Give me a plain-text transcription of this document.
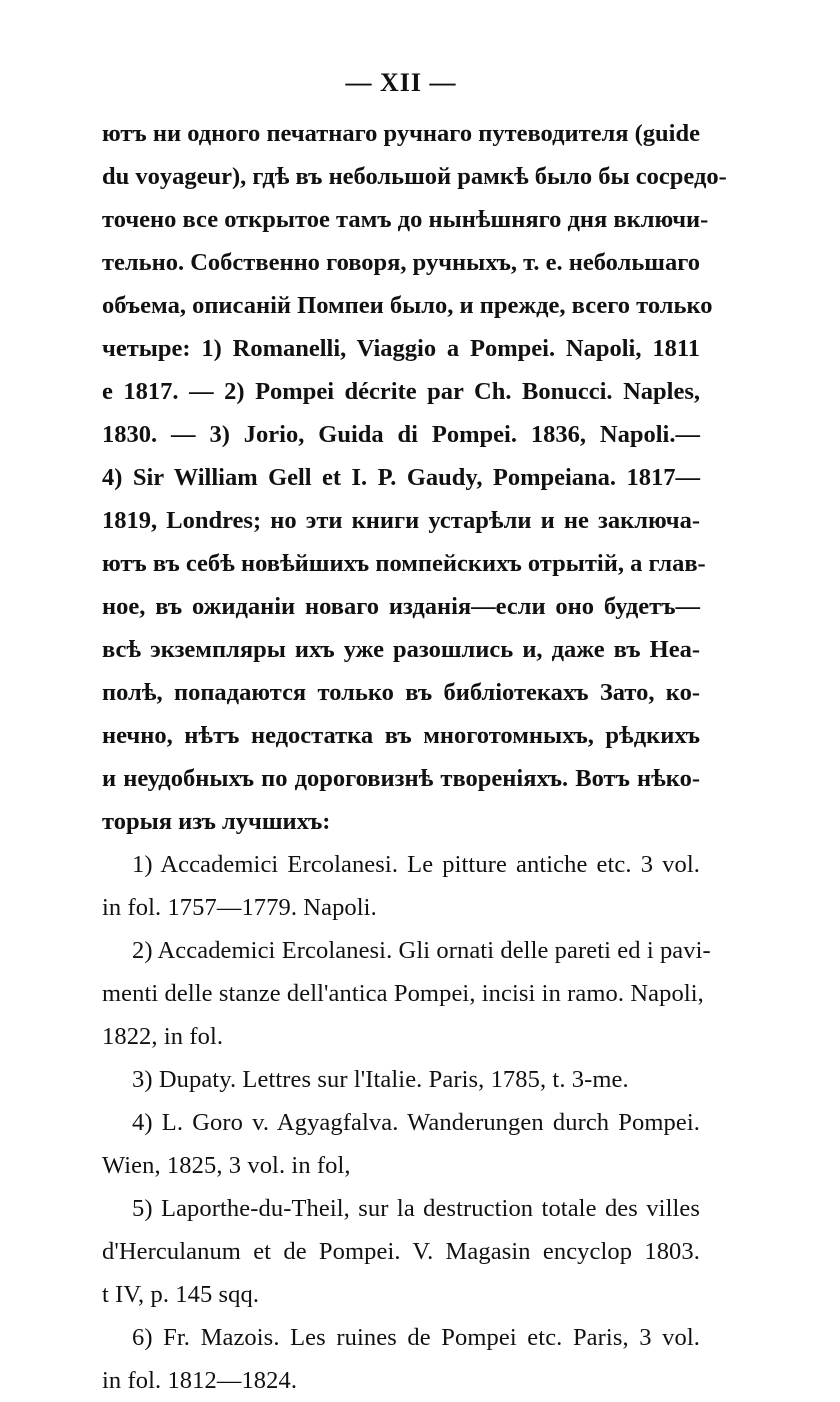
— XII —
ютъ ни одного печатнаго ручнаго путеводителя (guide
du voyageur), гдѣ въ небольшой рамкѣ было бы сосредо-
точено все открытое тамъ до нынѣшняго дня включи-
тельно. Собственно говоря, ручныхъ, т. е. небольшаго
объема, описаній Помпеи было, и прежде, всего только
четыре: 1) Romanelli, Viaggio a Pompei. Napoli, 1811
e 1817. — 2) Pompei décrite par Ch. Bonucci. Naples,
1830. — 3) Jorio, Guida di Pompei. 1836, Napoli.—
4) Sir William Gell et I. P. Gaudy, Pompeiana. 1817—
1819, Londres; но эти книги устарѣли и не заключа-
ютъ въ себѣ новѣйшихъ помпейскихъ отрытій, а глав-
ное, въ ожиданіи новаго изданія—если оно будетъ—
всѣ экземпляры ихъ уже разошлись и, даже въ Неа-
полѣ, попадаются только въ библіотекахъ Зато, ко-
нечно, нѣтъ недостатка въ многотомныхъ, рѣдкихъ
и неудобныхъ по дороговизнѣ твореніяхъ. Вотъ нѣко-
торыя изъ лучшихъ:
1) Accademici Ercolanesi. Le pitture antiche etc. 3 vol.
in fol. 1757—1779. Napoli.
2) Accademici Ercolanesi. Gli ornati delle pareti ed i pavi-
menti delle stanze dell'antica Pompei, incisi in ramo. Napoli,
1822, in fol.
3) Dupaty. Lettres sur l'Italie. Paris, 1785, t. 3-me.
4) L. Goro v. Agyagfalva. Wanderungen durch Pompei.
Wien, 1825, 3 vol. in fol,
5) Laporthe-du-Theil, sur la destruction totale des villes
d'Herculanum et de Pompei. V. Magasin encyclop 1803.
t IV, p. 145 sqq.
6) Fr. Mazois. Les ruines de Pompei etc. Paris, 3 vol.
in fol. 1812—1824.
